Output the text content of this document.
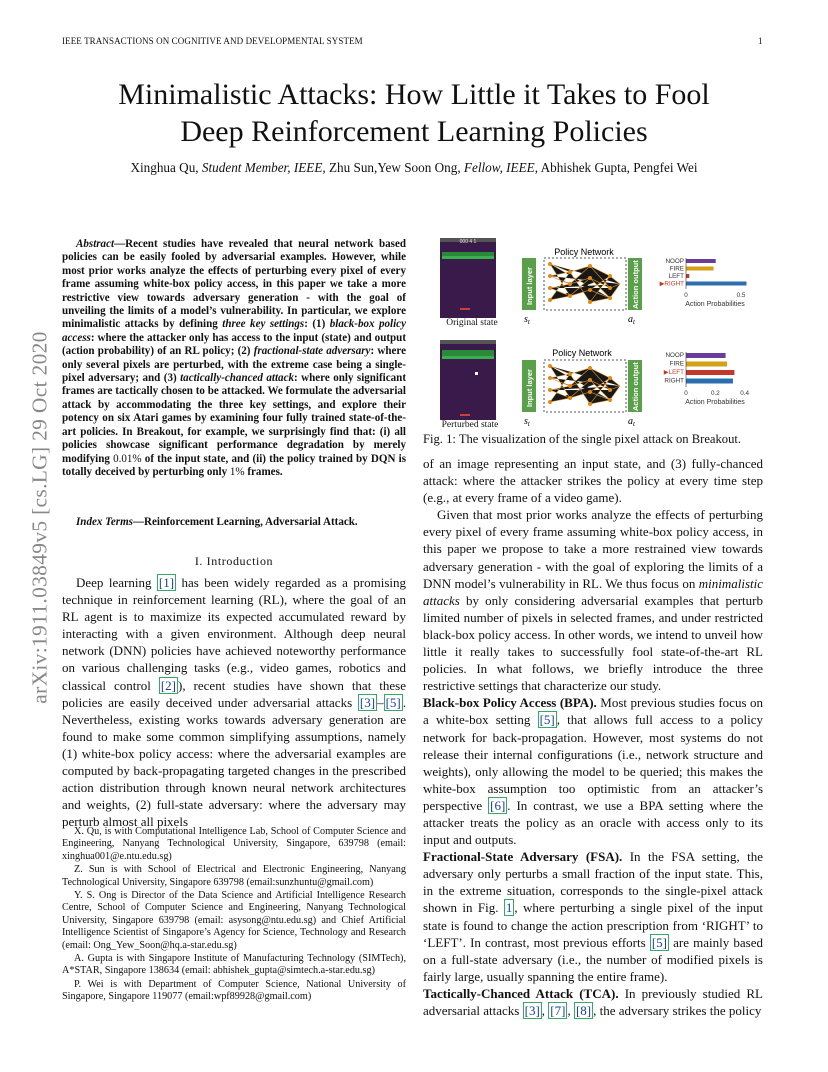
IEEE TRANSACTIONS ON COGNITIVE AND DEVELOPMENTAL SYSTEM	1
Minimalistic Attacks: How Little it Takes to Fool
Deep Reinforcement Learning Policies
Xinghua Qu, Student Member, IEEE, Zhu Sun,Yew Soon Ong, Fellow, IEEE, Abhishek Gupta, Pengfei Wei
arXiv:1911.03849v5 [cs.LG] 29 Oct 2020
Abstract—Recent studies have revealed that neural network based policies can be easily fooled by adversarial examples. However, while most prior works analyze the effects of perturbing every pixel of every frame assuming white-box policy access, in this paper we take a more restrictive view towards adversary generation - with the goal of unveiling the limits of a model’s vulnerability. In particular, we explore minimalistic attacks by defining three key settings: (1) black-box policy access: where the attacker only has access to the input (state) and output (action probability) of an RL policy; (2) fractional-state adversary: where only several pixels are perturbed, with the extreme case being a single-pixel adversary; and (3) tactically-chanced attack: where only significant frames are tactically chosen to be attacked. We formulate the adversarial attack by accommodating the three key settings, and explore their potency on six Atari games by examining four fully trained state-of-the-art policies. In Breakout, for example, we surprisingly find that: (i) all policies showcase significant performance degradation by merely modifying 0.01% of the input state, and (ii) the policy trained by DQN is totally deceived by perturbing only 1% frames.
Index Terms—Reinforcement Learning, Adversarial Attack.
I. Introduction

Deep learning [1] has been widely regarded as a promising technique in reinforcement learning (RL), where the goal of an RL agent is to maximize its expected accumulated reward by interacting with a given environment. Although deep neural network (DNN) policies have achieved noteworthy performance on various challenging tasks (e.g., video games, robotics and classical control [2] ), recent studies have shown that these policies are easily deceived under adversarial attacks [3] – [5] . Nevertheless, existing works towards adversary generation are found to make some common simplifying assumptions, namely (1) white-box policy access: where the adversarial examples are computed by back-propagating targeted changes in the prescribed action distribution through known neural network architectures and weights, (2) full-state adversary: where the adversary may perturb almost all pixels

X. Qu, is with Computational Intelligence Lab, School of Computer Science and Engineering, Nanyang Technological University, Singapore, 639798 (email: xinghua001@e.ntu.edu.sg)

Z. Sun is with School of Electrical and Electronic Engineering, Nanyang Technological University, Singapore 639798 (email:sunzhuntu@gmail.com)

Y. S. Ong is Director of the Data Science and Artificial Intelligence Research Centre, School of Computer Science and Engineering, Nanyang Technological University, Singapore 639798 (email: asysong@ntu.edu.sg) and Chief Artificial Intelligence Scientist of Singapore’s Agency for Science, Technology and Research (email: Ong_Yew_Soon@hq.a-star.edu.sg)

A. Gupta is with Singapore Institute of Manufacturing Technology (SIMTech), A*STAR, Singapore 138634 (email: abhishek_gupta@simtech.a-star.edu.sg)

P. Wei is with Department of Computer Science, National University of Singapore, Singapore 119077 (email:wpf89928@gmail.com)

000 4 1
Original state
Perturbed state
Policy Network
Input layer	Action output
$s_t$	$a_t$
Policy Network
Input layer	Action output
$s_t$	$a_t$
NOOP
FIRE
LEFT
▶RIGHT
0	0.5
Action Probabilities
NOOP
FIRE
▶LEFT
RIGHT
0	0.2	0.4
Action Probabilities
Fig. 1: The visualization of the single pixel attack on Breakout.

of an image representing an input state, and (3) fully-chanced attack: where the attacker strikes the policy at every time step (e.g., at every frame of a video game).

Given that most prior works analyze the effects of perturbing every pixel of every frame assuming white-box policy access, in this paper we propose to take a more restrained view towards adversary generation - with the goal of exploring the limits of a DNN model’s vulnerability in RL. We thus focus on minimalistic attacks by only considering adversarial examples that perturb limited number of pixels in selected frames, and under restricted black-box policy access. In other words, we intend to unveil how little it really takes to successfully fool state-of-the-art RL policies. In what follows, we briefly introduce the three restrictive settings that characterize our study.

Black-box Policy Access (BPA). Most previous studies focus on a white-box setting [5] , that allows full access to a policy network for back-propagation. However, most systems do not release their internal configurations (i.e., network structure and weights), only allowing the model to be queried; this makes the white-box assumption too optimistic from an attacker’s perspective [6] . In contrast, we use a BPA setting where the attacker treats the policy as an oracle with access only to its input and outputs.

Fractional-State Adversary (FSA). In the FSA setting, the adversary only perturbs a small fraction of the input state. This, in the extreme situation, corresponds to the single-pixel attack shown in Fig. 1 , where perturbing a single pixel of the input state is found to change the action prescription from ‘RIGHT’ to ‘LEFT’. In contrast, most previous efforts [5] are mainly based on a full-state adversary (i.e., the number of modified pixels is fairly large, usually spanning the entire frame).

Tactically-Chanced Attack (TCA). In previously studied RL adversarial attacks [3] , [7] , [8] , the adversary strikes the policy
